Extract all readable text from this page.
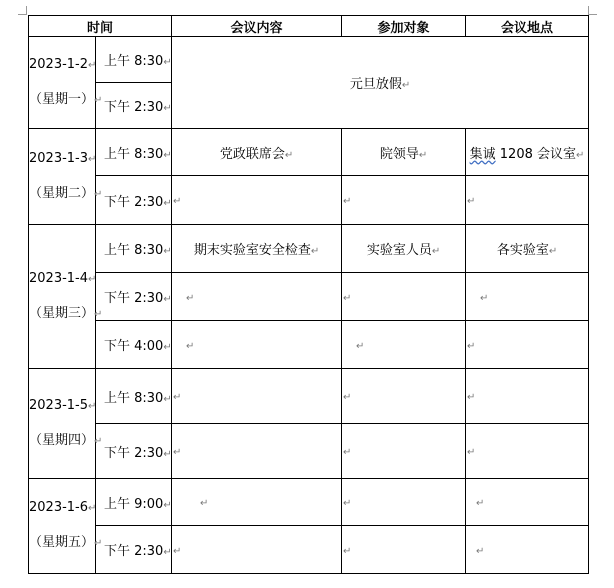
时间		会议内容	参加对象	会议地点

2023-1-2↵
（星期一）↵	上午 8:30↵	元旦放假↵		
	下午 2:30↵			

2023-1-3↵
（星期二）↵	上午 8:30↵	党政联席会↵	院领导↵	集诚 1208 会议室↵
	下午 2:30↵	↵	↵	↵

2023-1-4↵
（星期三）↵	上午 8:30↵	期末实验室安全检查↵	实验室人员↵	各实验室↵
	下午 2:30↵	↵	↵	↵

	下午 4:00↵	↵	↵	↵

2023-1-5↵
（星期四）↵	上午 8:30↵	↵	↵	↵

	下午 2:30↵	↵	↵	↵

2023-1-6↵
（星期五）↵	上午 9:00↵	↵	↵	↵

	下午 2:30↵	↵	↵	↵
